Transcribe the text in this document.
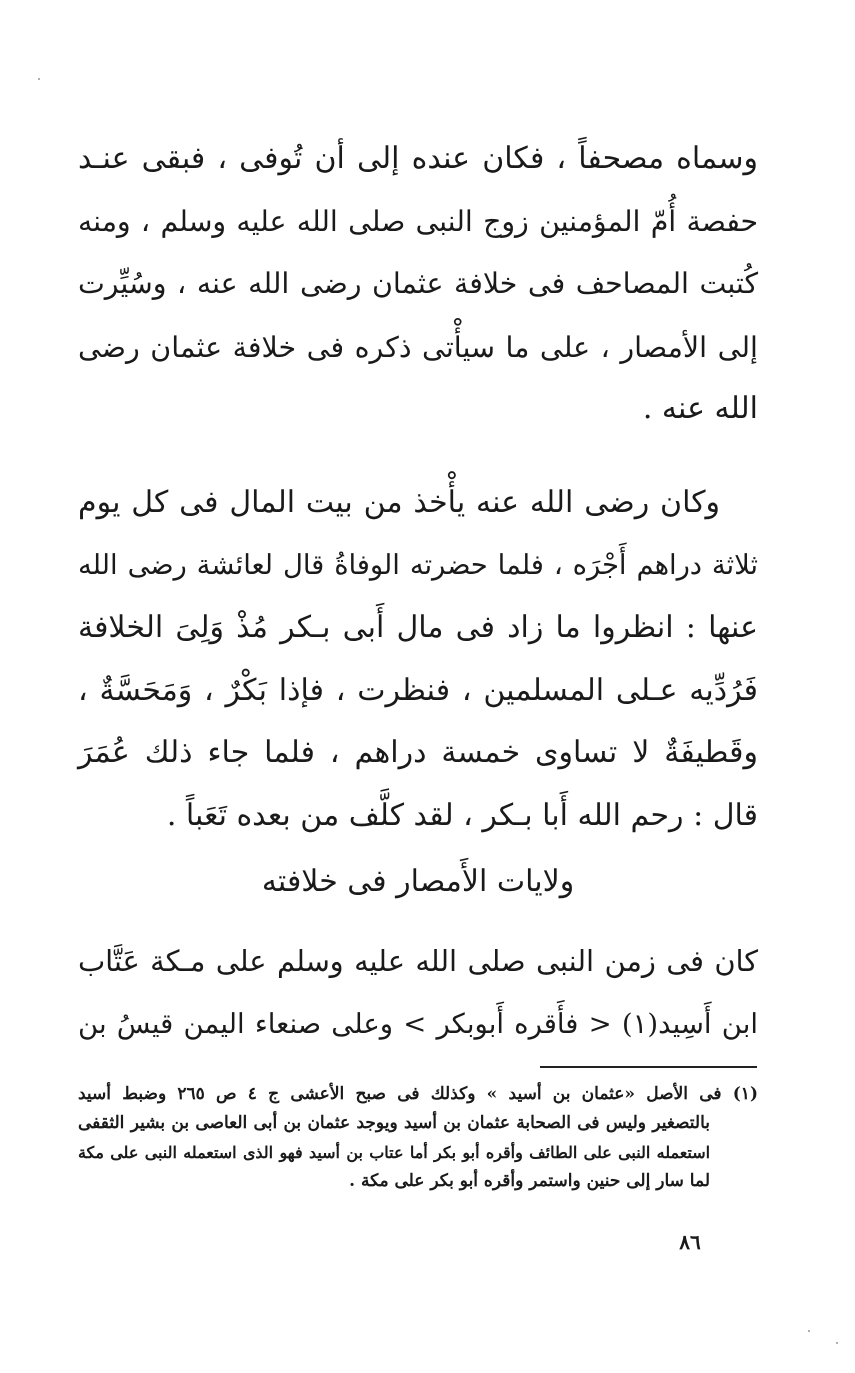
وسماه مصحفاً ، فكان عنده إلى أن تُوفى ، فبقى عنـد
حفصة أُمّ المؤمنين زوج النبى صلى الله عليه وسلم ، ومنه
كُتبت المصاحف فى خلافة عثمان رضى الله عنه ، وسُيِّرت
إلى الأمصار ، على ما سيأْتى ذكره فى خلافة عثمان رضى
الله عنه .
وكان رضى الله عنه يأْخذ من بيت المال فى كل يوم
ثلاثة دراهم أَجْرَه ، فلما حضرته الوفاةُ قال لعائشة رضى الله
عنها : انظروا ما زاد فى مال أَبى بـكر مُذْ وَلِىَ الخلافة
فَرُدِّيه عـلى المسلمين ، فنظرت ، فإذا بَكْرٌ ، وَمَحَسَّةٌ ،
وقَطيفَةٌ لا تساوى خمسة دراهم ، فلما جاء ذلك عُمَرَ
قال : رحم الله أَبا بـكر ، لقد كلَّف من بعده تَعَباً .
ولايات الأَمصار فى خلافته
كان فى زمن النبى صلى الله عليه وسلم على مـكة عَتَّاب
ابن أَسِيد(١) < فأَقره أَبوبكر > وعلى صنعاء اليمن قيسُ بن
(١) فى الأصل «عثمان بن أسيد » وكذلك فى صبح الأعشى ج ٤ ص ٢٦٥ وضبط أسيد
بالتصغير وليس فى الصحابة عثمان بن أسيد ويوجد عثمان بن أبى العاصى بن بشير الثقفى
استعمله النبى على الطائف وأقره أبو بكر أما عتاب بن أسيد فهو الذى استعمله النبى على مكة
لما سار إلى حنين واستمر وأقره أبو بكر على مكة .
٨٦
